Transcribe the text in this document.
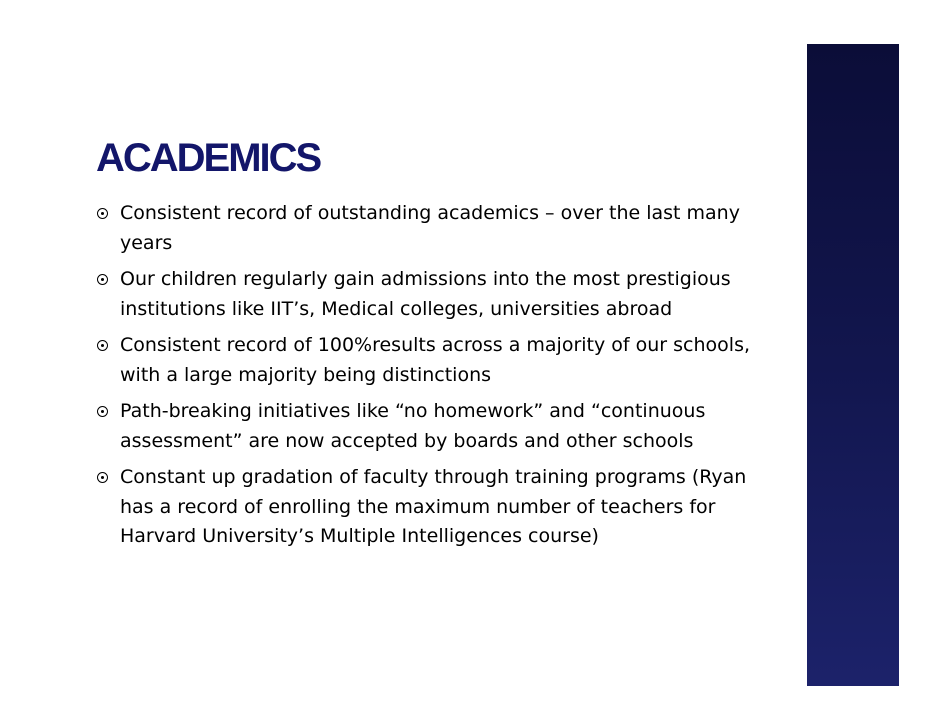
ACADEMICS
Consistent record of outstanding academics – over the last many years
Our children regularly gain admissions into the most prestigious institutions like IIT’s, Medical colleges, universities abroad
Consistent record of 100%results across a majority of our schools, with a large majority being distinctions
Path-breaking initiatives like “no homework” and “continuous assessment” are now accepted by boards and other schools
Constant up gradation of faculty through training programs (Ryan has a record of enrolling the maximum number of teachers for Harvard University’s Multiple Intelligences course)
